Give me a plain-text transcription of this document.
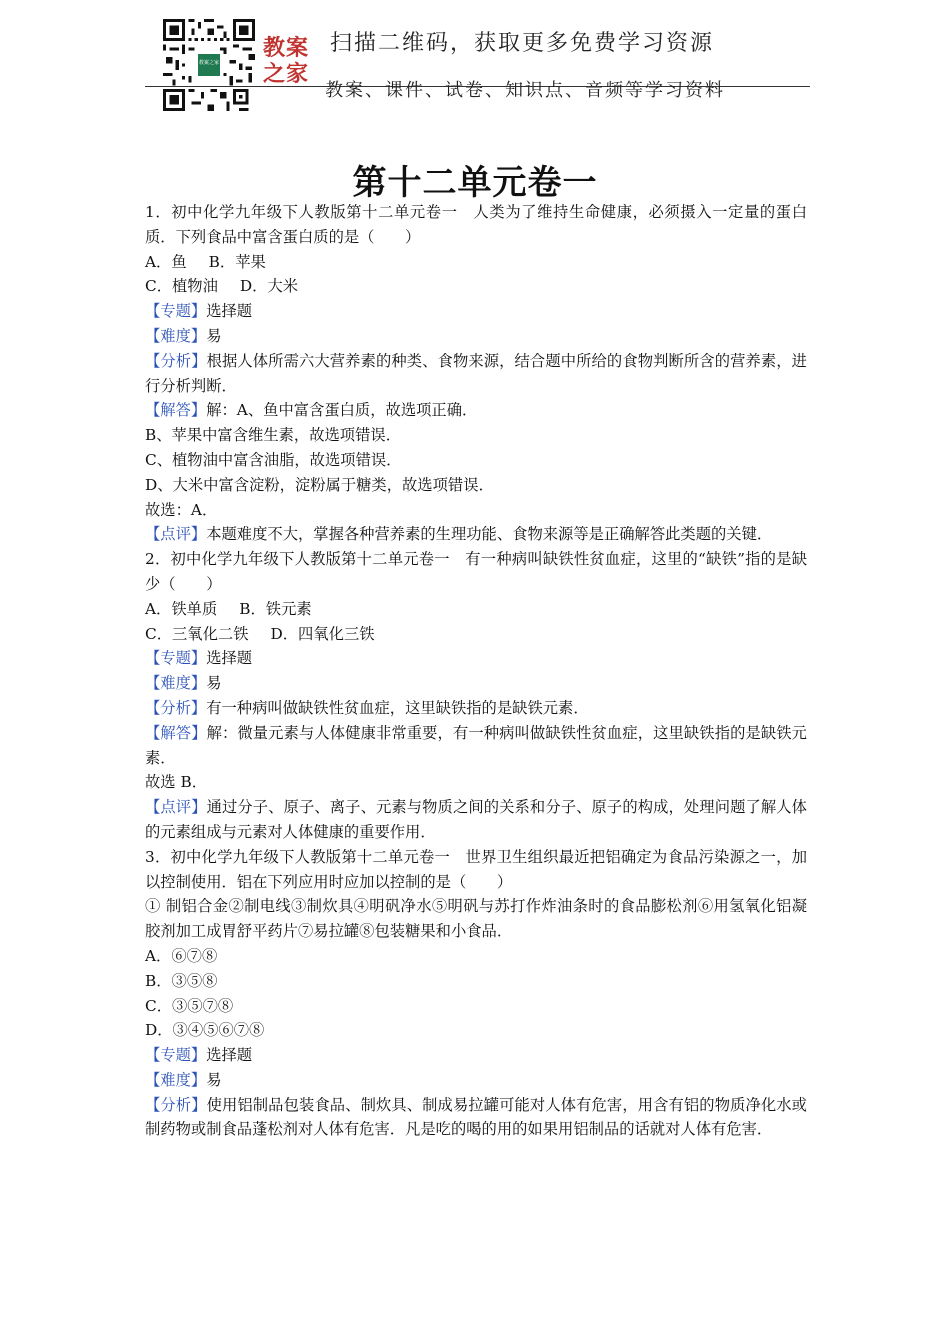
教案之家
教案
之家
扫描二维码，获取更多免费学习资源
教案、课件、试卷、知识点、音频等学习资料
第十二单元卷一

1．初中化学九年级下人教版第十二单元卷一　人类为了维持生命健康，必须摄入一定量的蛋白质．下列食品中富含蛋白质的是（　　）

A．鱼 B．苹果

C．植物油 D．大米

【专题】选择题

【难度】易

【分析】根据人体所需六大营养素的种类、食物来源，结合题中所给的食物判断所含的营养素，进行分析判断．

【解答】解：A、鱼中富含蛋白质，故选项正确．

B、苹果中富含维生素，故选项错误．

C、植物油中富含油脂，故选项错误．

D、大米中富含淀粉，淀粉属于糖类，故选项错误．

故选：A．

【点评】本题难度不大，掌握各种营养素的生理功能、食物来源等是正确解答此类题的关键．

2．初中化学九年级下人教版第十二单元卷一　有一种病叫缺铁性贫血症，这里的“缺铁”指的是缺少（　　）

A．铁单质 B．铁元素

C．三氧化二铁 D．四氧化三铁

【专题】选择题

【难度】易

【分析】有一种病叫做缺铁性贫血症，这里缺铁指的是缺铁元素．

【解答】解：微量元素与人体健康非常重要，有一种病叫做缺铁性贫血症，这里缺铁指的是缺铁元素．

故选 B．

【点评】通过分子、原子、离子、元素与物质之间的关系和分子、原子的构成，处理问题了解人体的元素组成与元素对人体健康的重要作用．

3．初中化学九年级下人教版第十二单元卷一　世界卫生组织最近把铝确定为食品污染源之一，加以控制使用．铝在下列应用时应加以控制的是（　　）

① 制铝合金②制电线③制炊具④明矾净水⑤明矾与苏打作炸油条时的食品膨松剂⑥用氢氧化铝凝胶剂加工成胃舒平药片⑦易拉罐⑧包装糖果和小食品．

A．⑥⑦⑧

B．③⑤⑧

C．③⑤⑦⑧

D．③④⑤⑥⑦⑧

【专题】选择题

【难度】易

【分析】使用铝制品包装食品、制炊具、制成易拉罐可能对人体有危害，用含有铝的物质净化水或制药物或制食品蓬松剂对人体有危害．凡是吃的喝的用的如果用铝制品的话就对人体有危害．
